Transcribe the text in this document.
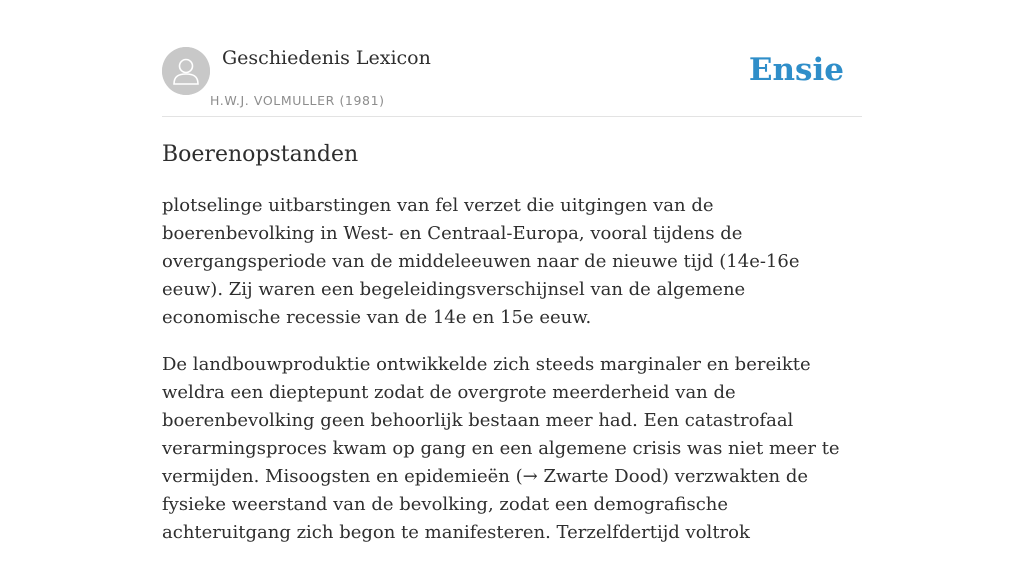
Geschiedenis Lexicon
H.W.J. VOLMULLER (1981)
Ensie
Boerenopstanden

plotselinge uitbarstingen van fel verzet die uitgingen van de boerenbevolking in West- en Centraal-Europa, vooral tijdens de overgangsperiode van de middeleeuwen naar de nieuwe tijd (14e-16e eeuw). Zij waren een begeleidingsverschijnsel van de algemene economische recessie van de 14e en 15e eeuw.

De landbouwproduktie ontwikkelde zich steeds marginaler en bereikte weldra een dieptepunt zodat de overgrote meerderheid van de boerenbevolking geen behoorlijk bestaan meer had. Een catastrofaal verarmingsproces kwam op gang en een algemene crisis was niet meer te vermijden. Misoogsten en epidemieën (→ Zwarte Dood) verzwakten de fysieke weerstand van de bevolking, zodat een demografische achteruitgang zich begon te manifesteren. Terzelfdertijd voltrok
